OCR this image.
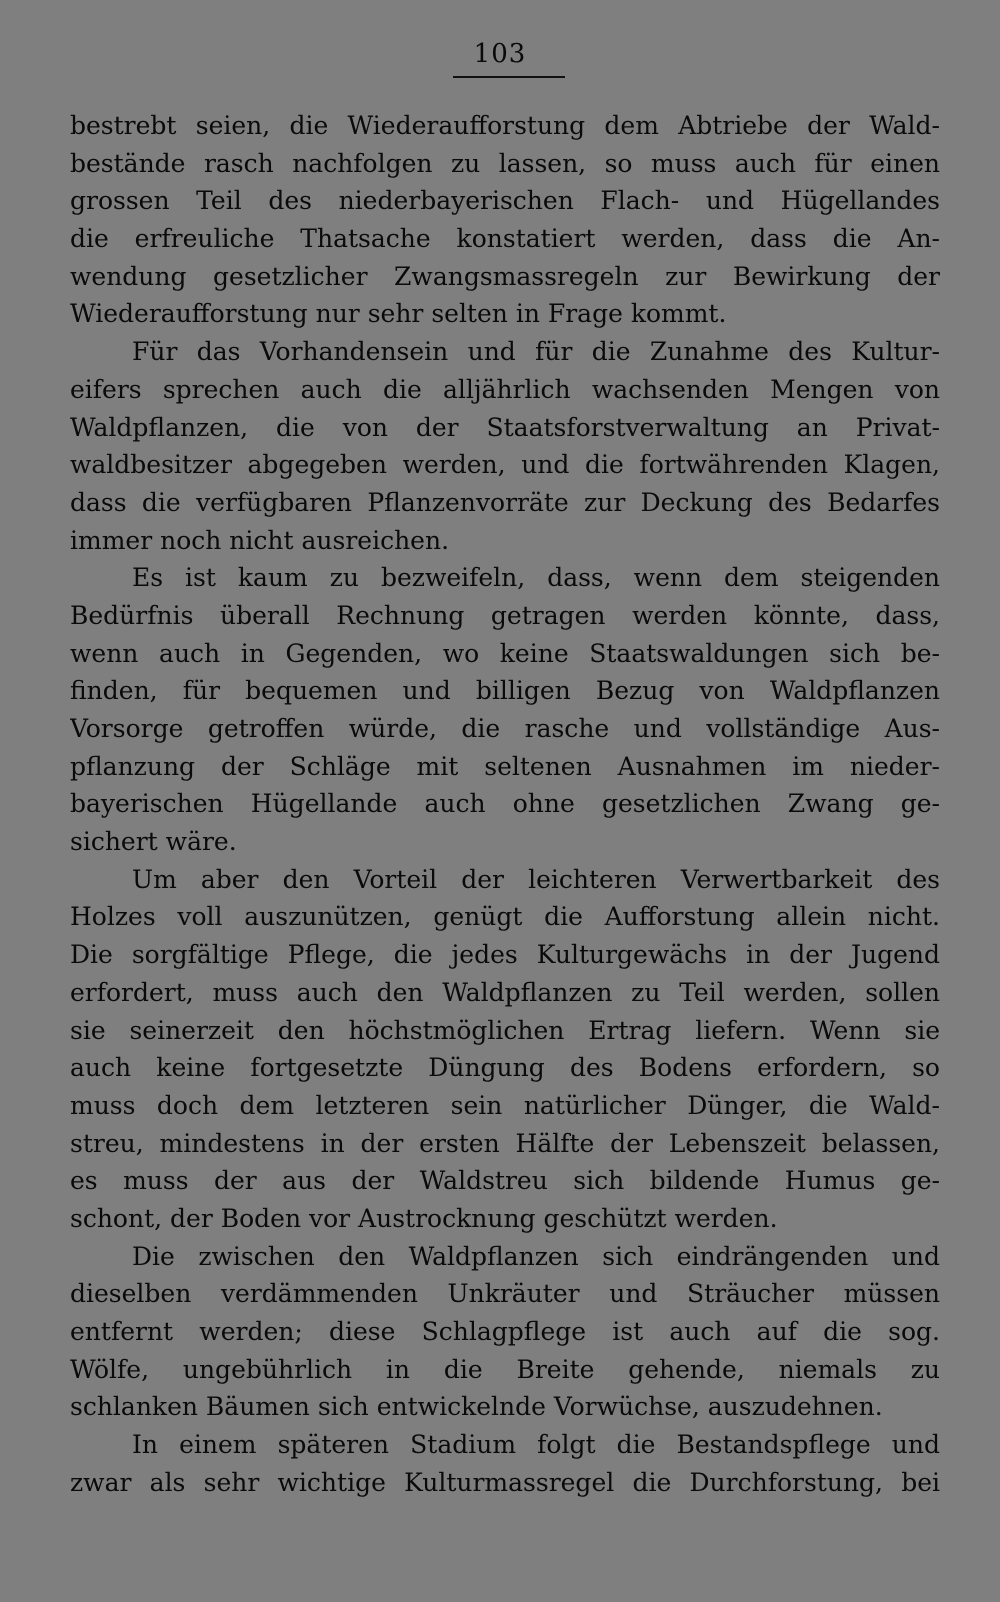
103
bestrebt seien, die Wiederaufforstung dem Abtriebe der Wald-
bestände rasch nachfolgen zu lassen, so muss auch für einen
grossen Teil des niederbayerischen Flach- und Hügellandes
die erfreuliche Thatsache konstatiert werden, dass die An-
wendung gesetzlicher Zwangsmassregeln zur Bewirkung der
Wiederaufforstung nur sehr selten in Frage kommt.
Für das Vorhandensein und für die Zunahme des Kultur-
eifers sprechen auch die alljährlich wachsenden Mengen von
Waldpflanzen, die von der Staatsforstverwaltung an Privat-
waldbesitzer abgegeben werden, und die fortwährenden Klagen,
dass die verfügbaren Pflanzenvorräte zur Deckung des Bedarfes
immer noch nicht ausreichen.
Es ist kaum zu bezweifeln, dass, wenn dem steigenden
Bedürfnis überall Rechnung getragen werden könnte, dass,
wenn auch in Gegenden, wo keine Staatswaldungen sich be-
finden, für bequemen und billigen Bezug von Waldpflanzen
Vorsorge getroffen würde, die rasche und vollständige Aus-
pflanzung der Schläge mit seltenen Ausnahmen im nieder-
bayerischen Hügellande auch ohne gesetzlichen Zwang ge-
sichert wäre.
Um aber den Vorteil der leichteren Verwertbarkeit des
Holzes voll auszunützen, genügt die Aufforstung allein nicht.
Die sorgfältige Pflege, die jedes Kulturgewächs in der Jugend
erfordert, muss auch den Waldpflanzen zu Teil werden, sollen
sie seinerzeit den höchstmöglichen Ertrag liefern. Wenn sie
auch keine fortgesetzte Düngung des Bodens erfordern, so
muss doch dem letzteren sein natürlicher Dünger, die Wald-
streu, mindestens in der ersten Hälfte der Lebenszeit belassen,
es muss der aus der Waldstreu sich bildende Humus ge-
schont, der Boden vor Austrocknung geschützt werden.
Die zwischen den Waldpflanzen sich eindrängenden und
dieselben verdämmenden Unkräuter und Sträucher müssen
entfernt werden; diese Schlagpflege ist auch auf die sog.
Wölfe, ungebührlich in die Breite gehende, niemals zu
schlanken Bäumen sich entwickelnde Vorwüchse, auszudehnen.
In einem späteren Stadium folgt die Bestandspflege und
zwar als sehr wichtige Kulturmassregel die Durchforstung, bei
